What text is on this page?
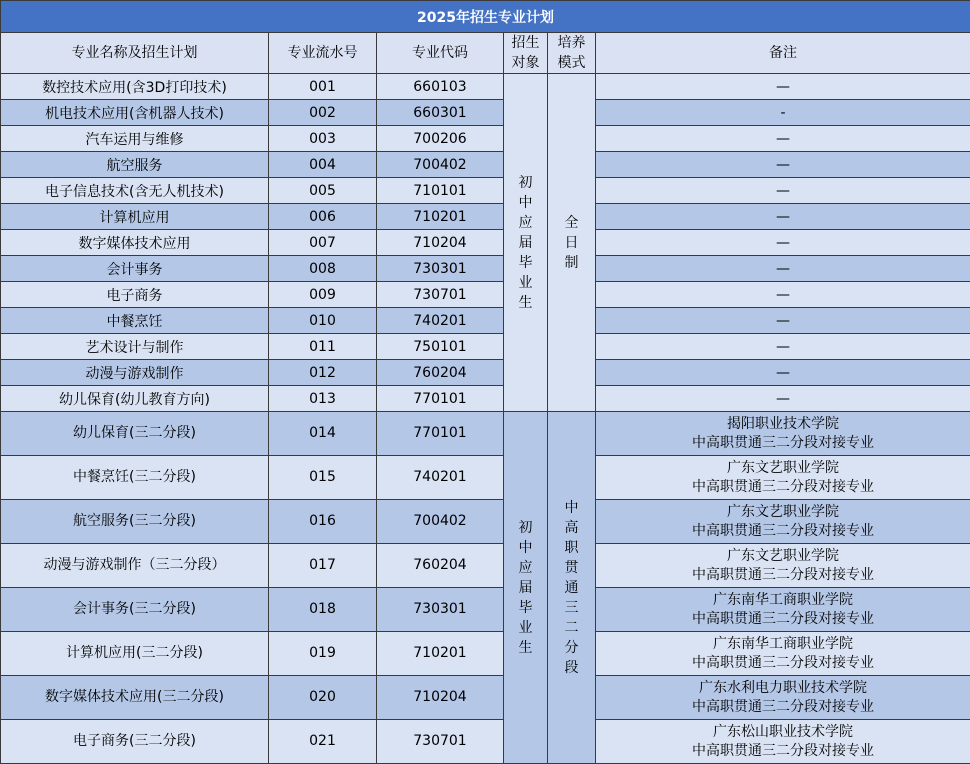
2025年招生专业计划					
专业名称及招生计划	专业流水号	专业代码	招生对象	培养模式	备注
数控技术应用(含3D打印技术)	001	660103	初中应届毕业生	全日制	—
机电技术应用(含机器人技术)	002	660301			-
汽车运用与维修	003	700206			—
航空服务	004	700402			—
电子信息技术(含无人机技术)	005	710101			—
计算机应用	006	710201			—
数字媒体技术应用	007	710204			—
会计事务	008	730301			—
电子商务	009	730701			—
中餐烹饪	010	740201			—
艺术设计与制作	011	750101			—
动漫与游戏制作	012	760204			—
幼儿保育(幼儿教育方向)	013	770101			—
幼儿保育(三二分段)	014	770101	初中应届毕业生	中高职贯通三二分段	揭阳职业技术学院
中高职贯通三二分段对接专业

中餐烹饪(三二分段)	015	740201			广东文艺职业学院
中高职贯通三二分段对接专业

航空服务(三二分段)	016	700402			广东文艺职业学院
中高职贯通三二分段对接专业

动漫与游戏制作（三二分段）	017	760204			广东文艺职业学院
中高职贯通三二分段对接专业

会计事务(三二分段)	018	730301			广东南华工商职业学院
中高职贯通三二分段对接专业

计算机应用(三二分段)	019	710201			广东南华工商职业学院
中高职贯通三二分段对接专业

数字媒体技术应用(三二分段)	020	710204			广东水利电力职业技术学院
中高职贯通三二分段对接专业

电子商务(三二分段)	021	730701			广东松山职业技术学院
中高职贯通三二分段对接专业
